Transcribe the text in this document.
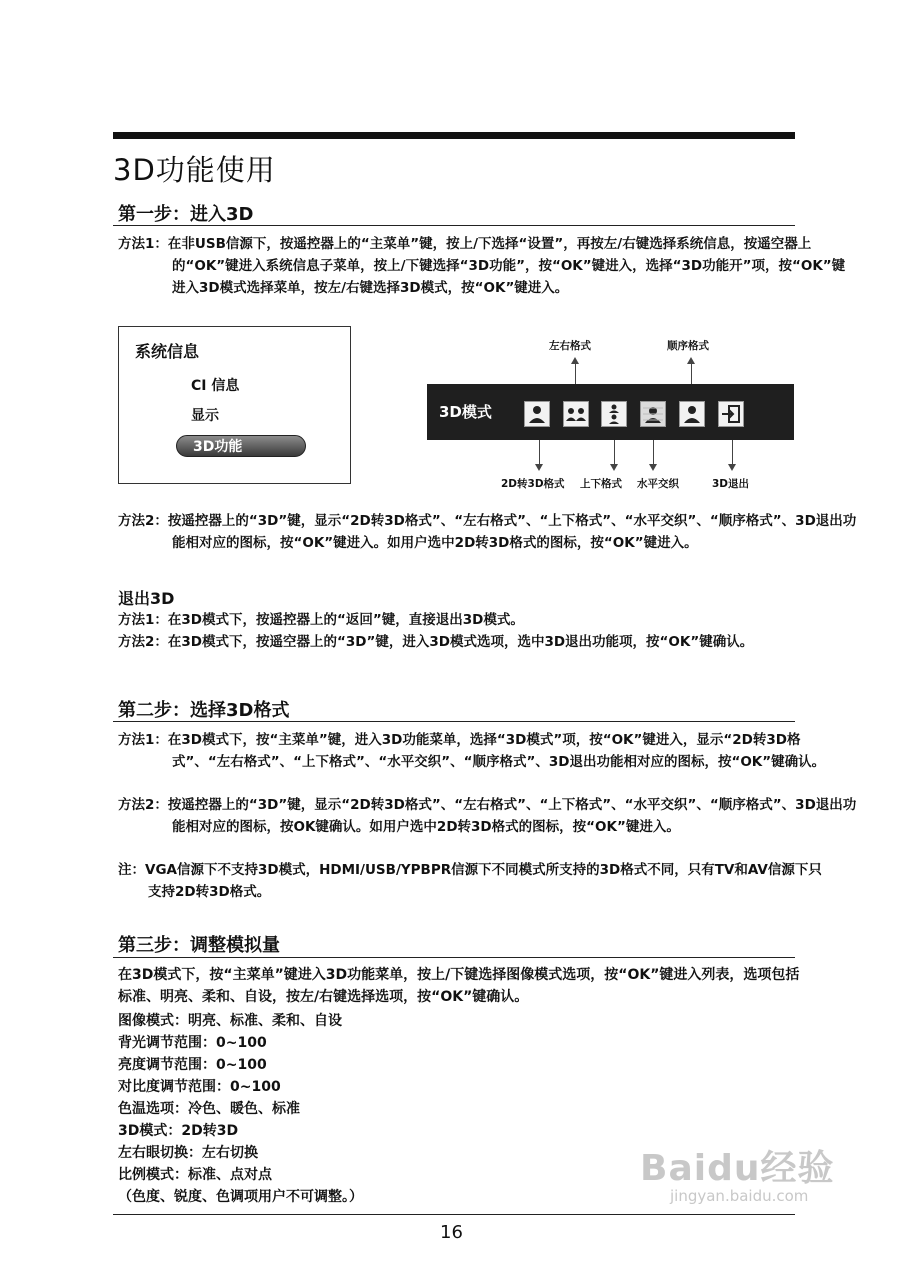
3D功能使用
第一步：进入3D
方法1：在非USB信源下，按遥控器上的“主菜单”键，按上/下选择“设置”，再按左/右键选择系统信息，按遥空器上的“OK”键进入系统信息子菜单，按上/下键选择“3D功能”，按“OK”键进入，选择“3D功能开”项，按“OK”键进入3D模式选择菜单，按左/右键选择3D模式，按“OK”键进入。
系统信息
CI 信息
显示
3D功能
左右格式	顺序格式
3D模式
2D转3D格式 上下格式 水平交织	3D退出
方法2：按遥控器上的“3D”键，显示“2D转3D格式”、“左右格式”、“上下格式”、“水平交织”、“顺序格式”、3D退出功能相对应的图标，按“OK”键进入。如用户选中2D转3D格式的图标，按“OK”键进入。
退出3D
方法1：在3D模式下，按遥控器上的“返回”键，直接退出3D模式。
方法2：在3D模式下，按遥空器上的“3D”键，进入3D模式选项，选中3D退出功能项，按“OK”键确认。
第二步：选择3D格式
方法1：在3D模式下，按“主菜单”键，进入3D功能菜单，选择“3D模式”项，按“OK”键进入，显示“2D转3D格式”、“左右格式”、“上下格式”、“水平交织”、“顺序格式”、3D退出功能相对应的图标，按“OK”键确认。
方法2：按遥控器上的“3D”键，显示“2D转3D格式”、“左右格式”、“上下格式”、“水平交织”、“顺序格式”、3D退出功能相对应的图标，按OK键确认。如用户选中2D转3D格式的图标，按“OK”键进入。
注：VGA信源下不支持3D模式，HDMI/USB/YPBPR信源下不同模式所支持的3D格式不同，只有TV和AV信源下只支持2D转3D格式。
第三步：调整模拟量
在3D模式下，按“主菜单”键进入3D功能菜单，按上/下键选择图像模式选项，按“OK”键进入列表，选项包括标准、明亮、柔和、自设，按左/右键选择选项，按“OK”键确认。
图像模式：明亮、标准、柔和、自设
背光调节范围：0~100
亮度调节范围：0~100
对比度调节范围：0~100
色温选项：冷色、暖色、标准
3D模式：2D转3D
左右眼切换：左右切换
比例模式：标准、点对点
（色度、锐度、色调项用户不可调整。）
Baidu经验
jingyan.baidu.com
16
